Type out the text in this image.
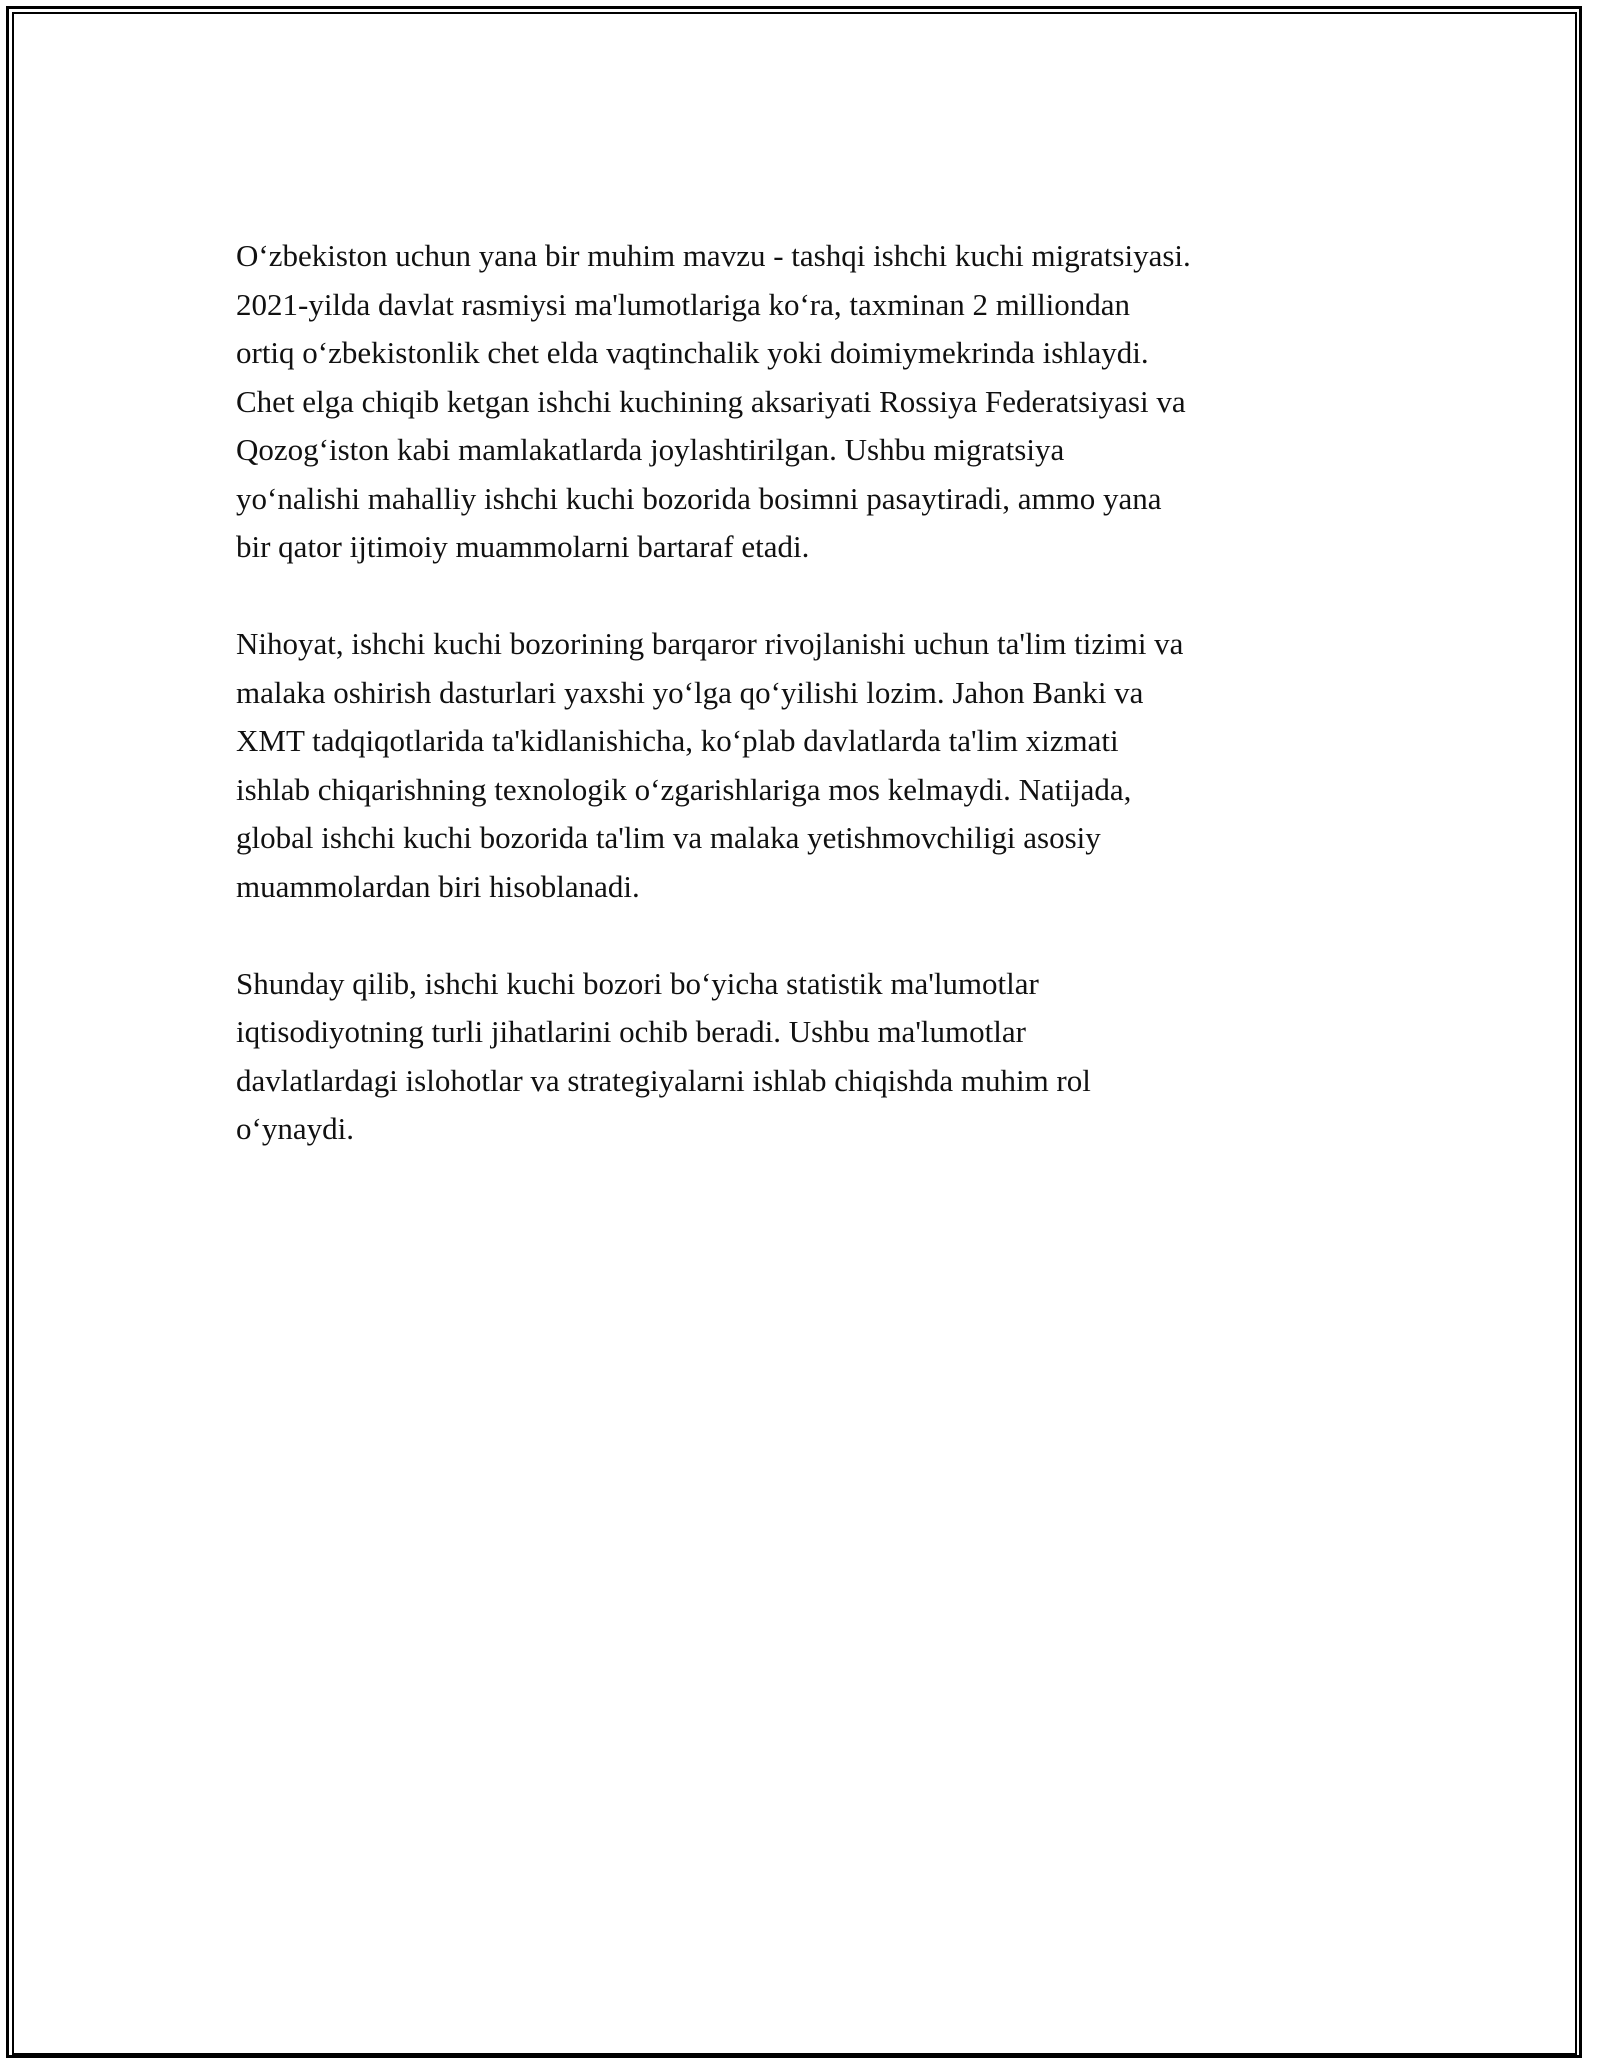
Oʻzbekiston uchun yana bir muhim mavzu - tashqi ishchi kuchi migratsiyasi.
2021-yilda davlat rasmiysi ma'lumotlariga koʻra, taxminan 2 milliondan
ortiq oʻzbekistonlik chet elda vaqtinchalik yoki doimiymekrinda ishlaydi.
Chet elga chiqib ketgan ishchi kuchining aksariyati Rossiya Federatsiyasi va
Qozogʻiston kabi mamlakatlarda joylashtirilgan. Ushbu migratsiya
yoʻnalishi mahalliy ishchi kuchi bozorida bosimni pasaytiradi, ammo yana
bir qator ijtimoiy muammolarni bartaraf etadi.

Nihoyat, ishchi kuchi bozorining barqaror rivojlanishi uchun ta'lim tizimi va
malaka oshirish dasturlari yaxshi yoʻlga qoʻyilishi lozim. Jahon Banki va
XMT tadqiqotlarida ta'kidlanishicha, koʻplab davlatlarda ta'lim xizmati
ishlab chiqarishning texnologik oʻzgarishlariga mos kelmaydi. Natijada,
global ishchi kuchi bozorida ta'lim va malaka yetishmovchiligi asosiy
muammolardan biri hisoblanadi.

Shunday qilib, ishchi kuchi bozori boʻyicha statistik ma'lumotlar
iqtisodiyotning turli jihatlarini ochib beradi. Ushbu ma'lumotlar
davlatlardagi islohotlar va strategiyalarni ishlab chiqishda muhim rol
oʻynaydi.
